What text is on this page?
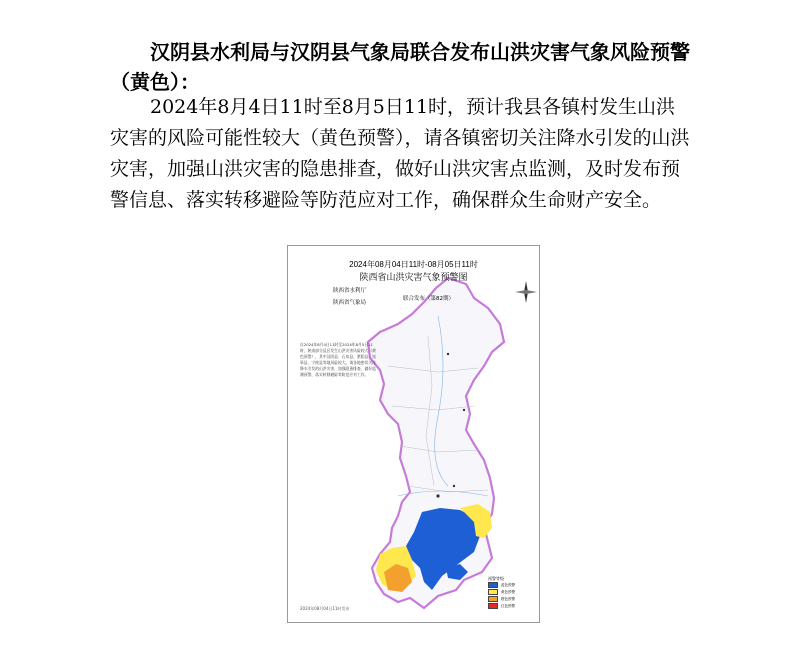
汉阴县水利局与汉阴县气象局联合发布山洪灾害气象风险预警（黄色）：

2024年8月4日11时至8月5日11时，预计我县各镇村发生山洪灾害的风险可能性较大（黄色预警），请各镇密切关注降水引发的山洪灾害，加强山洪灾害的隐患排查，做好山洪灾害点监测，及时发布预警信息、落实转移避险等防范应对工作，确保群众生命财产安全。

2024年08月04日11时-08月05日11时
陕西省山洪灾害气象预警图
陕西省水利厅
陕西省气象局
联合发布（第82期）
自2024年8月4日11时至2024年8月5日11时，陕南部分县区发生山洪灾害风险较大（黄色预警），其中汉阴县、石泉县、紫阳县、岚皋县、宁陕县等地风险较大。请各地密切关注降水引发的山洪灾害，加强隐患排查，做好监测预警，落实转移避险等防范应对工作。
预警等级
蓝色预警
黄色预警
橙色预警
红色预警
2024年08月04日11时发布
